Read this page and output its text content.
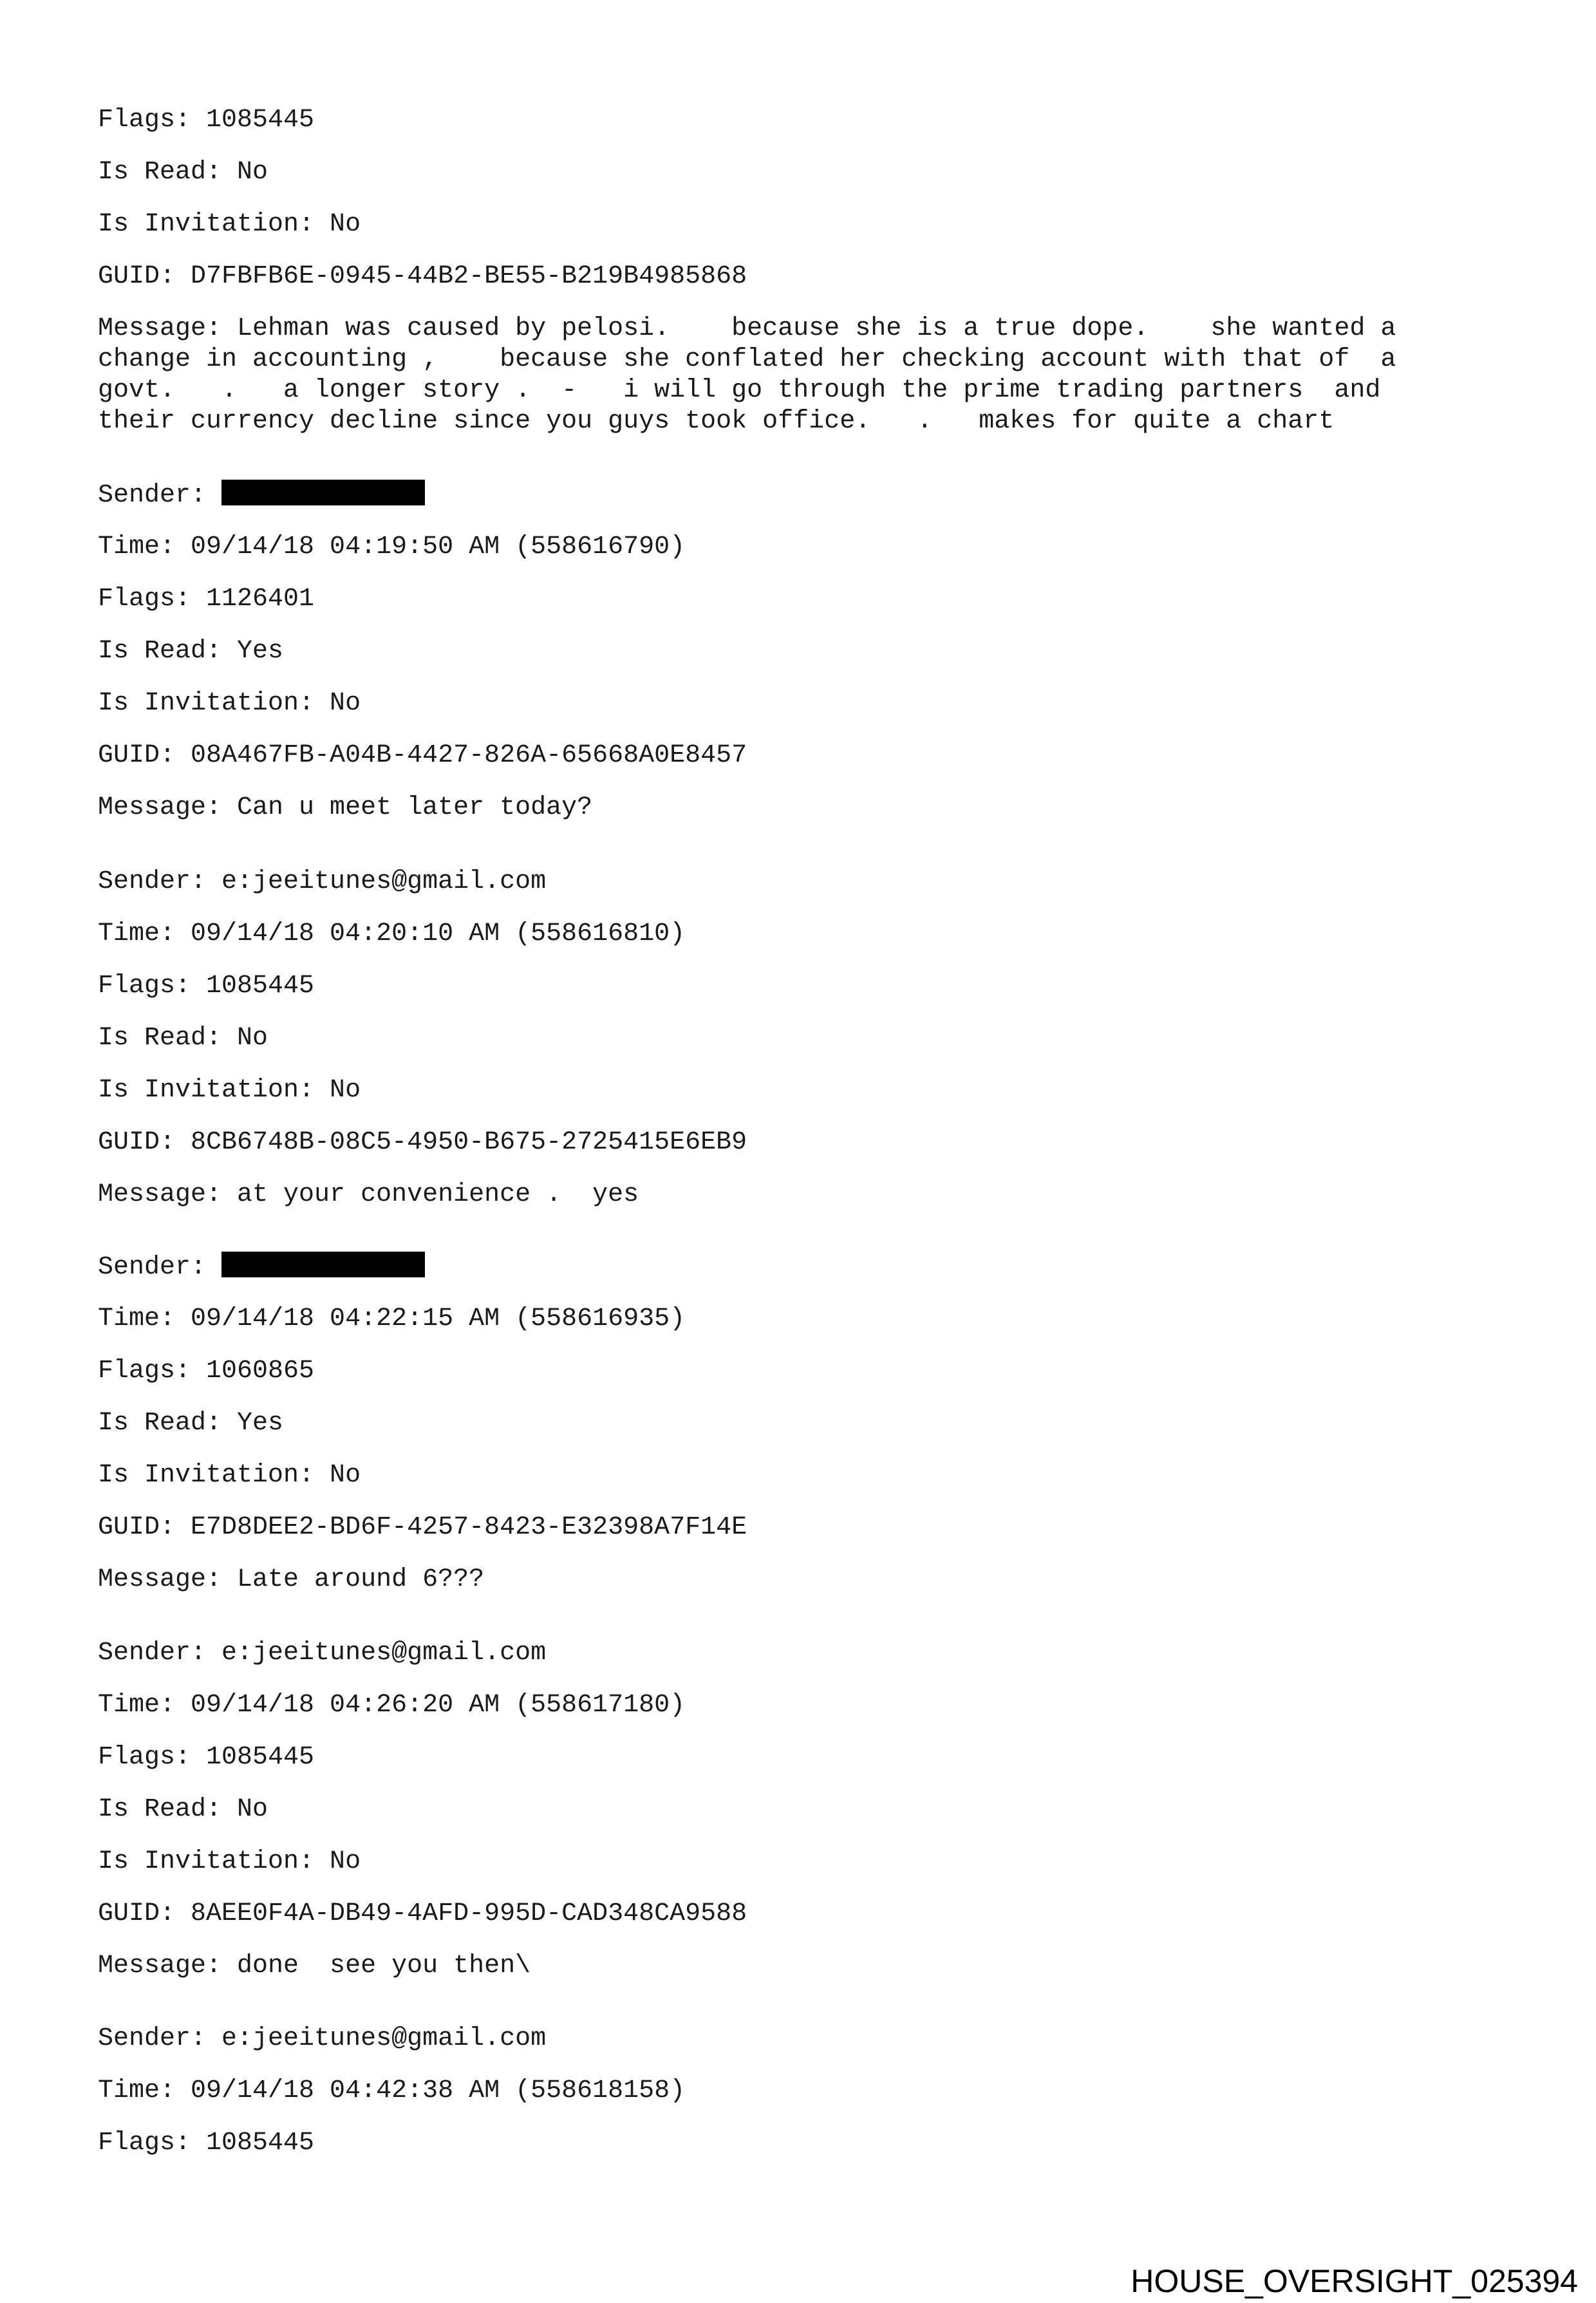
Flags: 1085445
Is Read: No
Is Invitation: No
GUID: D7FBFB6E-0945-44B2-BE55-B219B4985868
Message: Lehman was caused by pelosi.    because she is a true dope.    she wanted a
change in accounting ,    because she conflated her checking account with that of  a
govt.   .   a longer story .  -   i will go through the prime trading partners  and
their currency decline since you guys took office.   .   makes for quite a chart
Sender:
Time: 09/14/18 04:19:50 AM (558616790)
Flags: 1126401
Is Read: Yes
Is Invitation: No
GUID: 08A467FB-A04B-4427-826A-65668A0E8457
Message: Can u meet later today?
Sender: e:jeeitunes@gmail.com
Time: 09/14/18 04:20:10 AM (558616810)
Flags: 1085445
Is Read: No
Is Invitation: No
GUID: 8CB6748B-08C5-4950-B675-2725415E6EB9
Message: at your convenience .  yes
Sender:
Time: 09/14/18 04:22:15 AM (558616935)
Flags: 1060865
Is Read: Yes
Is Invitation: No
GUID: E7D8DEE2-BD6F-4257-8423-E32398A7F14E
Message: Late around 6???
Sender: e:jeeitunes@gmail.com
Time: 09/14/18 04:26:20 AM (558617180)
Flags: 1085445
Is Read: No
Is Invitation: No
GUID: 8AEE0F4A-DB49-4AFD-995D-CAD348CA9588
Message: done  see you then\
Sender: e:jeeitunes@gmail.com
Time: 09/14/18 04:42:38 AM (558618158)
Flags: 1085445
HOUSE_OVERSIGHT_025394
